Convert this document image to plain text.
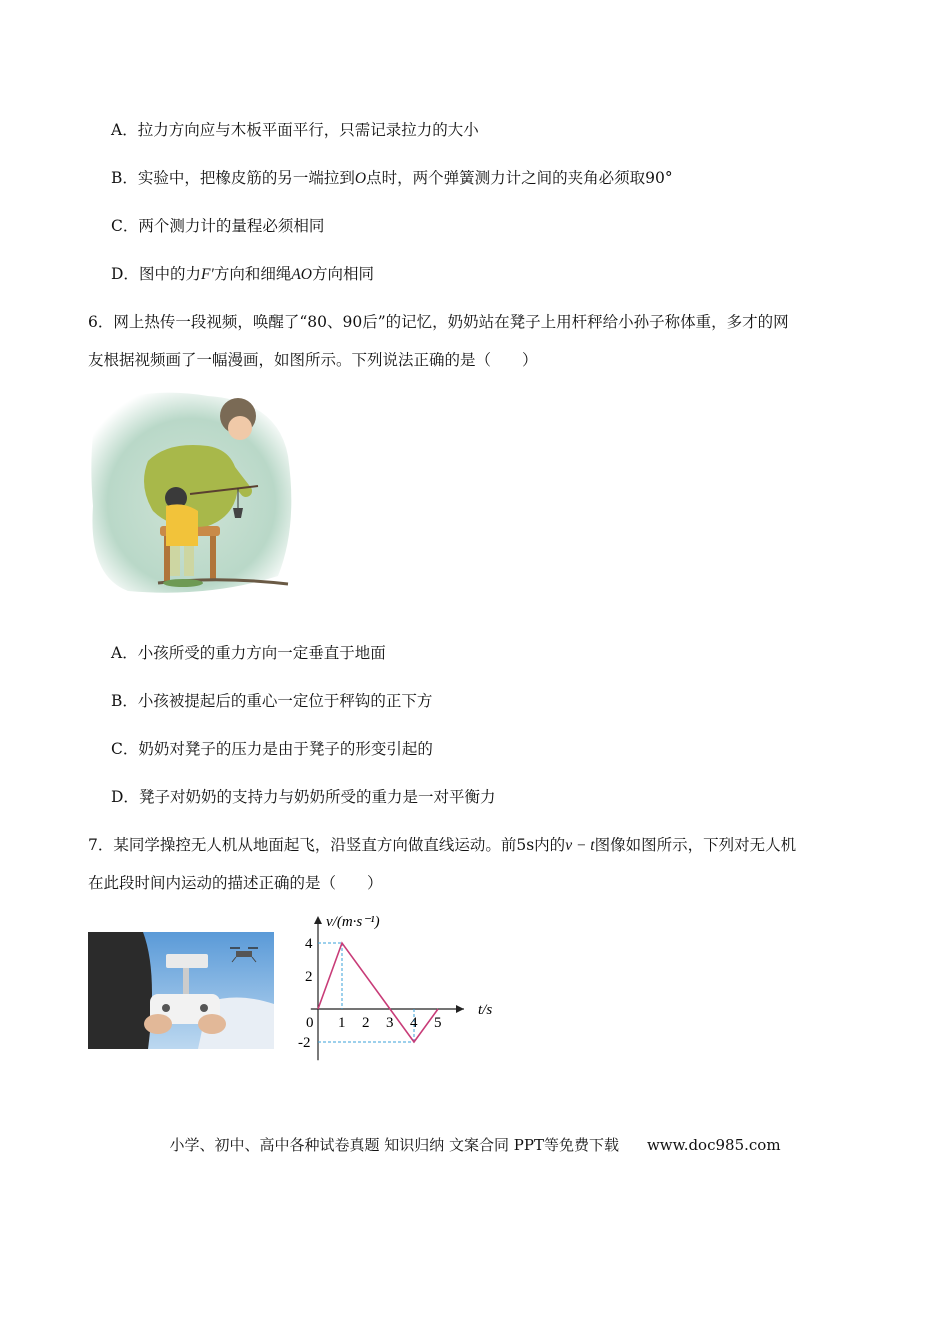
A．拉力方向应与木板平面平行，只需记录拉力的大小
B．实验中，把橡皮筋的另一端拉到O点时，两个弹簧测力计之间的夹角必须取90°
C．两个测力计的量程必须相同
D．图中的力F′方向和细绳AO方向相同
6．网上热传一段视频，唤醒了“80、90后”的记忆，奶奶站在凳子上用杆秤给小孙子称体重，多才的网
友根据视频画了一幅漫画，如图所示。下列说法正确的是（　　）
A．小孩所受的重力方向一定垂直于地面
B．小孩被提起后的重心一定位于秤钩的正下方
C．奶奶对凳子的压力是由于凳子的形变引起的
D．凳子对奶奶的支持力与奶奶所受的重力是一对平衡力
7．某同学操控无人机从地面起飞，沿竖直方向做直线运动。前5s内的v − t图像如图所示，下列对无人机
在此段时间内运动的描述正确的是（　　）
0 1 2 3 4 5
4
2
-2
v/(m·s⁻¹)
t/s
小学、初中、高中各种试卷真题 知识归纳 文案合同 PPT等免费下载 www.doc985.com
